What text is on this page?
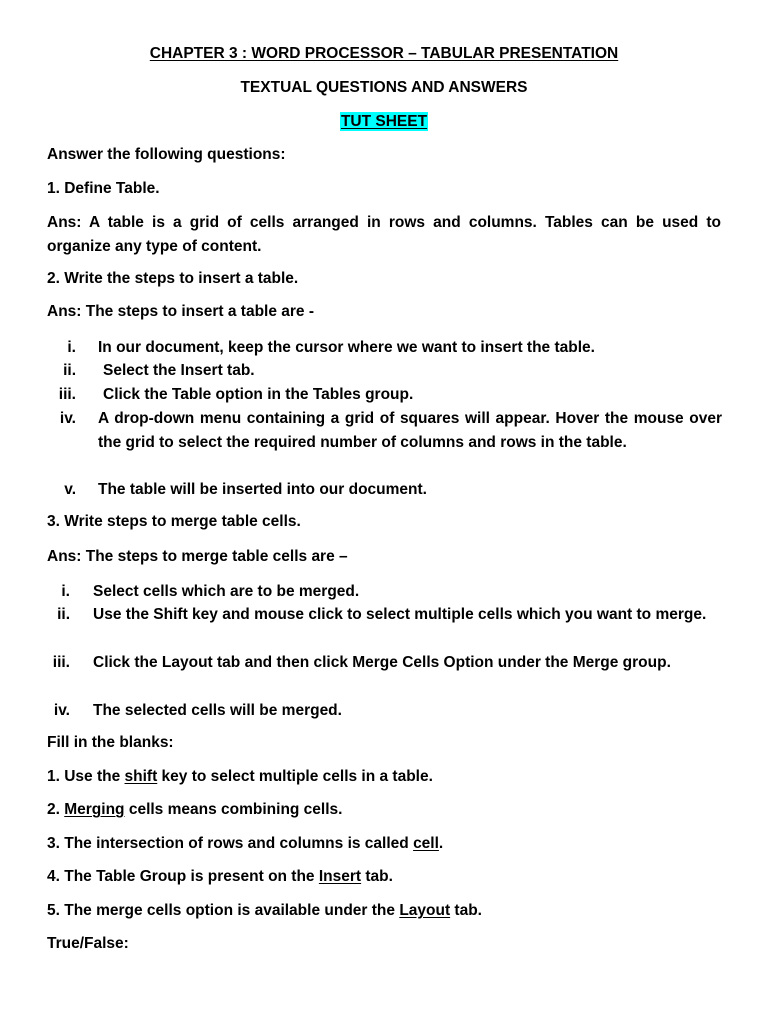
CHAPTER 3 : WORD PROCESSOR – TABULAR PRESENTATION
TEXTUAL QUESTIONS AND ANSWERS
TUT SHEET
Answer the following questions:
1. Define Table.
Ans: A table is a grid of cells arranged in rows and columns. Tables can be used to organize any type of content.
2. Write the steps to insert a table.
Ans: The steps to insert a table are -
i. In our document, keep the cursor where we want to insert the table.
ii. Select the Insert tab.
iii. Click the Table option in the Tables group.
iv. A drop-down menu containing a grid of squares will appear. Hover the mouse over the grid to select the required number of columns and rows in the table.
v. The table will be inserted into our document.
3. Write steps to merge table cells.
Ans: The steps to merge table cells are –
i. Select cells which are to be merged.
ii. Use the Shift key and mouse click to select multiple cells which you want to merge.
iii. Click the Layout tab and then click Merge Cells Option under the Merge group.
iv. The selected cells will be merged.
Fill in the blanks:
1. Use the shift key to select multiple cells in a table.
2. Merging cells means combining cells.
3. The intersection of rows and columns is called cell.
4. The Table Group is present on the Insert tab.
5. The merge cells option is available under the Layout tab.
True/False:
